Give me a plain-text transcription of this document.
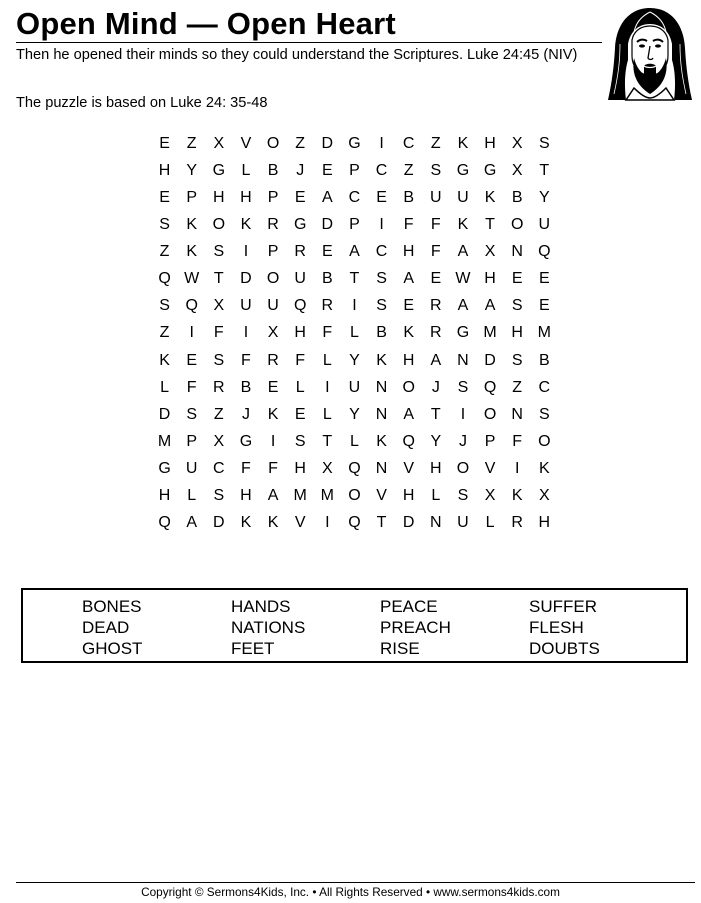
Open Mind — Open Heart
Then he opened their minds so they could understand the Scriptures. Luke 24:45 (NIV)
The puzzle is based on Luke 24: 35-48
E	Z	X	V O	Z	D G	I	C	Z	K	H	X	S
H	Y G	L	B	J	E	P	C	Z	S G G X	T
E	P	H H	P	E	A	C	E	B	U U	K	B	Y
S	K O K	R G D	P	I	F	F	K	T	O U
Z	K	S	I	P	R	E	A	C H	F	A	X	N Q
Q W T	D O U	B	T	S	A	E W H	E	E
S Q X	U U Q R	I	S	E	R	A	A	S	E
Z	I	F	I	X	H	F	L	B	K	R G M H M
K	E	S	F	R	F	L	Y	K	H	A	N D	S	B
L	F	R	B	E	L	I	U N O	J	S Q	Z	C
D	S	Z	J	K	E	L	Y	N	A	T	I	O N	S
M P	X G	I	S	T	L	K Q Y	J	P	F	O
G U C	F	F	H	X Q N	V	H O V	I	K
H	L	S	H	A M M O V	H	L	S	X	K	X
Q A	D	K	K	V	I	Q	T	D N U	L	R H
BONES	HANDS	PEACE	SUFFER
DEAD	NATIONS	PREACH	FLESH
GHOST	FEET	RISE	DOUBTS
Copyright © Sermons4Kids, Inc. • All Rights Reserved • www.sermons4kids.com
